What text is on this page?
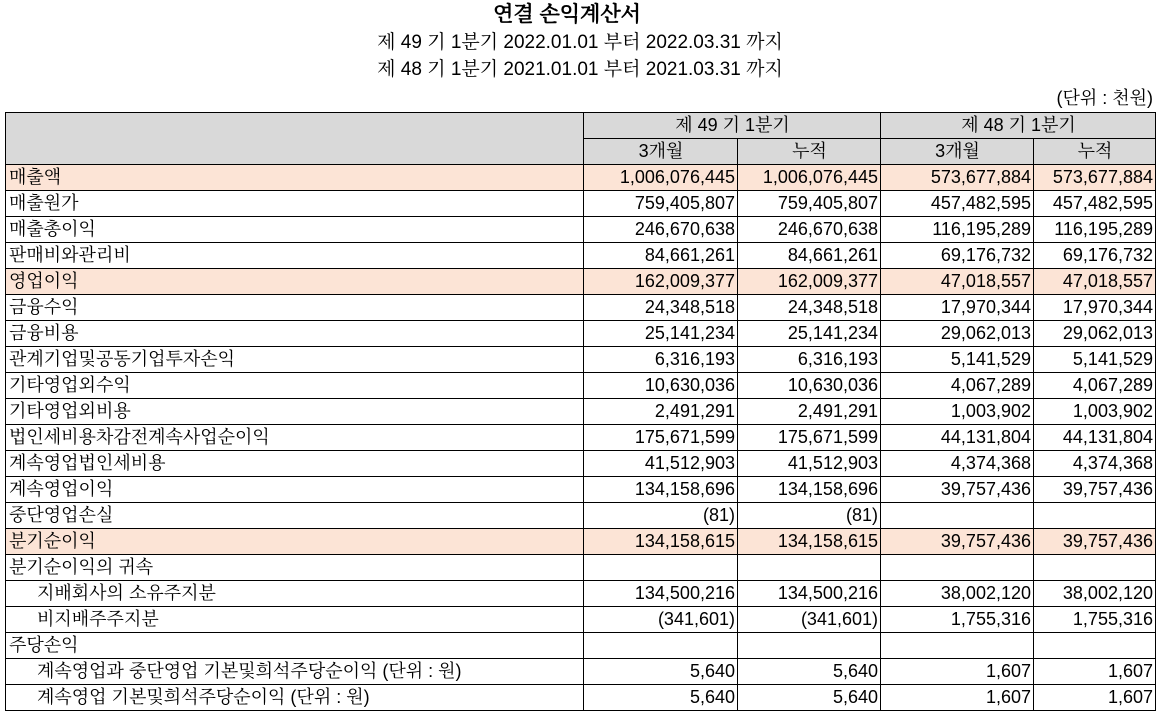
연결 손익계산서
제 49 기 1분기 2022.01.01 부터 2022.03.31 까지
제 48 기 1분기 2021.01.01 부터 2021.03.31 까지
(단위 : 천원)
	제 49 기 1분기		제 48 기 1분기	
	3개월	누적	3개월	누적
매출액	1,006,076,445	1,006,076,445	573,677,884	573,677,884
매출원가	759,405,807	759,405,807	457,482,595	457,482,595
매출총이익	246,670,638	246,670,638	116,195,289	116,195,289
판매비와관리비	84,661,261	84,661,261	69,176,732	69,176,732
영업이익	162,009,377	162,009,377	47,018,557	47,018,557
금융수익	24,348,518	24,348,518	17,970,344	17,970,344
금융비용	25,141,234	25,141,234	29,062,013	29,062,013
관계기업및공동기업투자손익	6,316,193	6,316,193	5,141,529	5,141,529
기타영업외수익	10,630,036	10,630,036	4,067,289	4,067,289
기타영업외비용	2,491,291	2,491,291	1,003,902	1,003,902
법인세비용차감전계속사업순이익	175,671,599	175,671,599	44,131,804	44,131,804
계속영업법인세비용	41,512,903	41,512,903	4,374,368	4,374,368
계속영업이익	134,158,696	134,158,696	39,757,436	39,757,436
중단영업손실	(81)	(81)		
분기순이익	134,158,615	134,158,615	39,757,436	39,757,436
분기순이익의 귀속				
지배회사의 소유주지분	134,500,216	134,500,216	38,002,120	38,002,120
비지배주주지분	(341,601)	(341,601)	1,755,316	1,755,316
주당손익				
계속영업과 중단영업 기본및희석주당순이익 (단위 : 원)	5,640	5,640	1,607	1,607
계속영업 기본및희석주당순이익 (단위 : 원)	5,640	5,640	1,607	1,607
